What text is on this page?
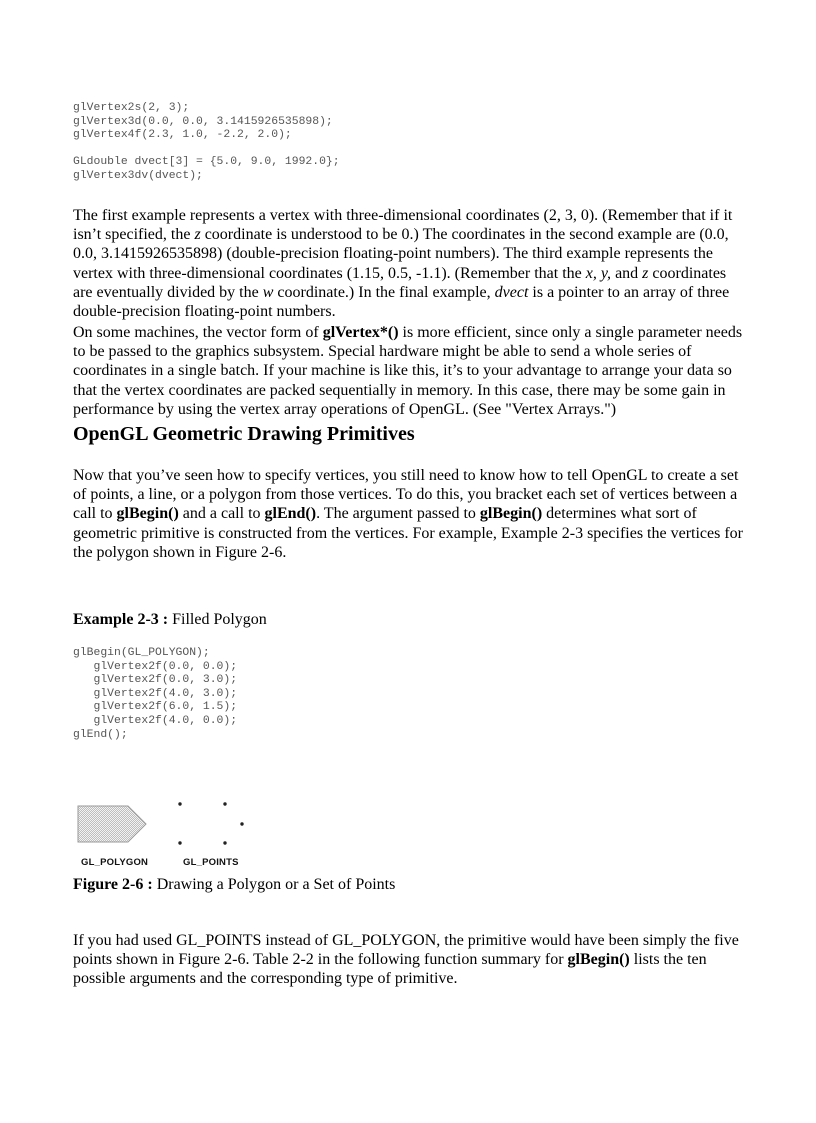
glVertex2s(2, 3);
glVertex3d(0.0, 0.0, 3.1415926535898);
glVertex4f(2.3, 1.0, -2.2, 2.0);
GLdouble dvect[3] = {5.0, 9.0, 1992.0};
glVertex3dv(dvect);

The first example represents a vertex with three-dimensional coordinates (2, 3, 0). (Remember that if it isn’t specified, the z coordinate is understood to be 0.) The coordinates in the second example are (0.0, 0.0, 3.1415926535898) (double-precision floating-point numbers). The third example represents the vertex with three-dimensional coordinates (1.15, 0.5, -1.1). (Remember that the x, y, and z coordinates are eventually divided by the w coordinate.) In the final example, dvect is a pointer to an array of three double-precision floating-point numbers.

On some machines, the vector form of glVertex*() is more efficient, since only a single parameter needs to be passed to the graphics subsystem. Special hardware might be able to send a whole series of coordinates in a single batch. If your machine is like this, it’s to your advantage to arrange your data so that the vertex coordinates are packed sequentially in memory. In this case, there may be some gain in performance by using the vertex array operations of OpenGL. (See "Vertex Arrays.")

OpenGL Geometric Drawing Primitives

Now that you’ve seen how to specify vertices, you still need to know how to tell OpenGL to create a set of points, a line, or a polygon from those vertices. To do this, you bracket each set of vertices between a call to glBegin() and a call to glEnd(). The argument passed to glBegin() determines what sort of geometric primitive is constructed from the vertices. For example, Example 2-3 specifies the vertices for the polygon shown in Figure 2-6.

Example 2-3 : Filled Polygon

glBegin(GL_POLYGON);
glVertex2f(0.0, 0.0);
glVertex2f(0.0, 3.0);
glVertex2f(4.0, 3.0);
glVertex2f(6.0, 1.5);
glVertex2f(4.0, 0.0);
glEnd();
GL_POLYGON	GL_POINTS

Figure 2-6 : Drawing a Polygon or a Set of Points

If you had used GL_POINTS instead of GL_POLYGON, the primitive would have been simply the five points shown in Figure 2-6. Table 2-2 in the following function summary for glBegin() lists the ten possible arguments and the corresponding type of primitive.
